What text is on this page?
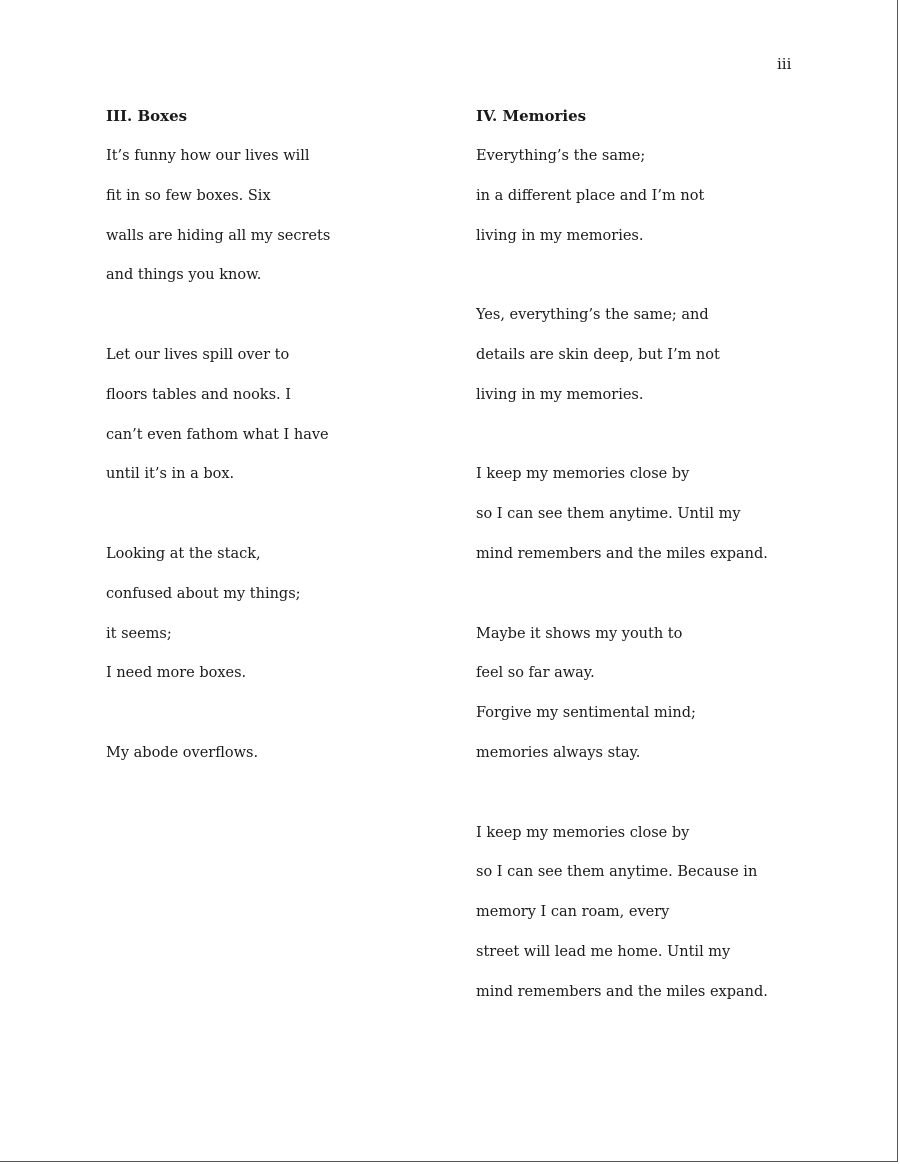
iii

III. Boxes

It’s funny how our lives will

fit in so few boxes. Six

walls are hiding all my secrets

and things you know.

Let our lives spill over to

floors tables and nooks. I

can’t even fathom what I have

until it’s in a box.

Looking at the stack,

confused about my things;

it seems;

I need more boxes.

My abode overflows.

IV. Memories

Everything’s the same;

in a different place and I’m not

living in my memories.

Yes, everything’s the same; and

details are skin deep, but I’m not

living in my memories.

I keep my memories close by

so I can see them anytime. Until my

mind remembers and the miles expand.

Maybe it shows my youth to

feel so far away.

Forgive my sentimental mind;

memories always stay.

I keep my memories close by

so I can see them anytime. Because in

memory I can roam, every

street will lead me home. Until my

mind remembers and the miles expand.
